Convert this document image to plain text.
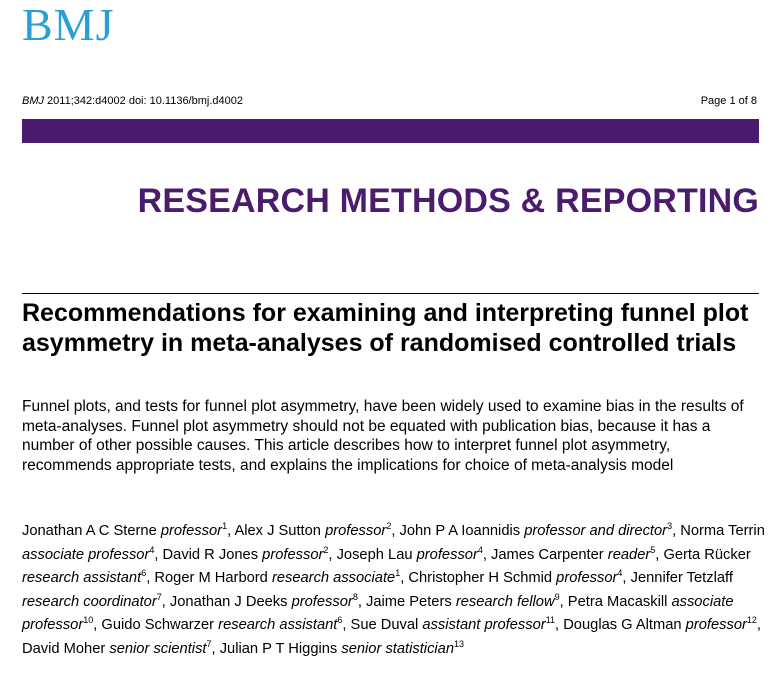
BMJ
BMJ 2011;342:d4002 doi: 10.1136/bmj.d4002	Page 1 of 8
RESEARCH METHODS & REPORTING
Recommendations for examining and interpreting funnel plot asymmetry in meta-analyses of randomised controlled trials
Funnel plots, and tests for funnel plot asymmetry, have been widely used to examine bias in the results of meta-analyses. Funnel plot asymmetry should not be equated with publication bias, because it has a number of other possible causes. This article describes how to interpret funnel plot asymmetry, recommends appropriate tests, and explains the implications for choice of meta-analysis model
Jonathan A C Sterne professor$^1$, Alex J Sutton professor$^2$, John P A Ioannidis professor and director$^3$, Norma Terrin associate professor$^4$, David R Jones professor$^2$, Joseph Lau professor$^4$, James Carpenter reader$^5$, Gerta Rücker research assistant$^6$, Roger M Harbord research associate$^1$, Christopher H Schmid professor$^4$, Jennifer Tetzlaff research coordinator$^7$, Jonathan J Deeks professor$^8$, Jaime Peters research fellow$^9$, Petra Macaskill associate professor$^{10}$, Guido Schwarzer research assistant$^6$, Sue Duval assistant professor$^{11}$, Douglas G Altman professor$^{12}$, David Moher senior scientist$^7$, Julian P T Higgins senior statistician$^{13}$
